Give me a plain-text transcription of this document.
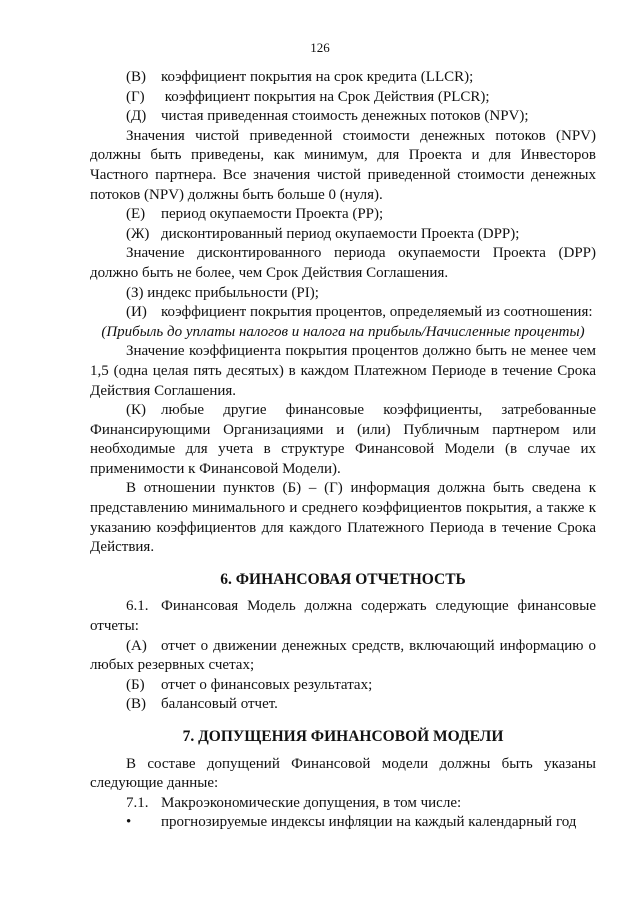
126

(В)	коэффициент покрытия на срок кредита (LLCR);

(Г)	коэффициент покрытия на Срок Действия (PLCR);

(Д) чистая приведенная стоимость денежных потоков (NPV);

Значения чистой приведенной стоимости денежных потоков (NPV) должны быть приведены, как минимум, для Проекта и для Инвесторов Частного партнера. Все значения чистой приведенной стоимости денежных потоков (NPV) должны быть больше 0 (нуля).

(Е)	период окупаемости Проекта (PP);

(Ж) дисконтированный период окупаемости Проекта (DPP);

Значение дисконтированного периода окупаемости Проекта (DPP) должно быть не более, чем Срок Действия Соглашения.

(З) индекс прибыльности (PI);

(И) коэффициент покрытия процентов, определяемый из соотношения:

(Прибыль до уплаты налогов и налога на прибыль/Начисленные проценты)

Значение коэффициента покрытия процентов должно быть не менее чем 1,5 (одна целая пять десятых) в каждом Платежном Периоде в течение Срока Действия Соглашения.

(К) любые другие финансовые коэффициенты, затребованные Финансирующими Организациями и (или) Публичным партнером или необходимые для учета в структуре Финансовой Модели (в случае их применимости к Финансовой Модели).

В отношении пунктов (Б) – (Г) информация должна быть сведена к представлению минимального и среднего коэффициентов покрытия, а также к указанию коэффициентов для каждого Платежного Периода в течение Срока Действия.

6. ФИНАНСОВАЯ ОТЧЕТНОСТЬ

6.1. Финансовая Модель должна содержать следующие финансовые отчеты:

(А) отчет о движении денежных средств, включающий информацию о любых резервных счетах;

(Б)	отчет о финансовых результатах;

(В)	балансовый отчет.

7. ДОПУЩЕНИЯ ФИНАНСОВОЙ МОДЕЛИ

В составе допущений Финансовой модели должны быть указаны следующие данные:

7.1. Макроэкономические допущения, в том числе:

•	прогнозируемые индексы инфляции на каждый календарный год
